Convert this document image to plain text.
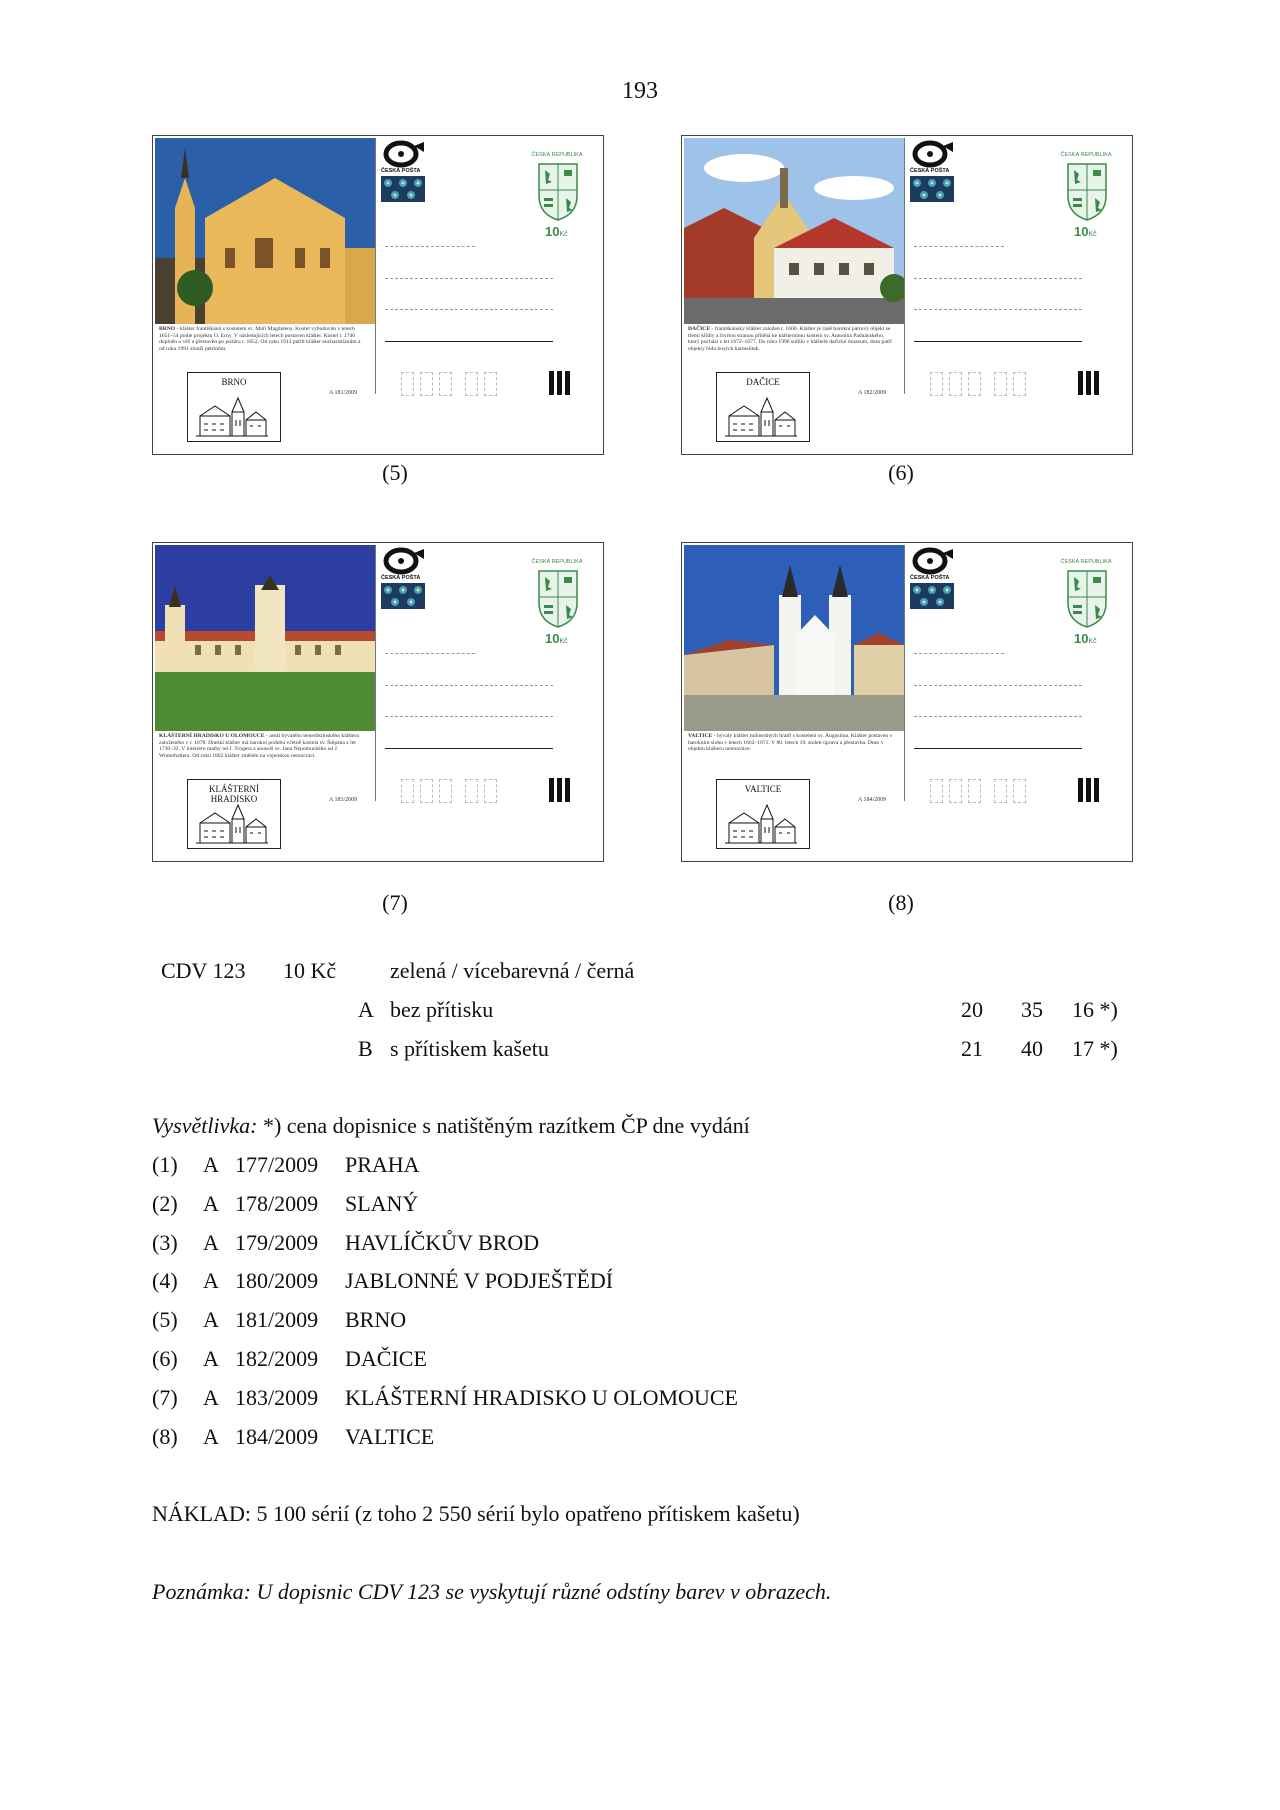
193
BRNO - klášter františkánů s kostelem sv. Maří Magdaleny. Kostel vybudován v letech 1651–54 podle projektu O. Erny. V následujících letech postaven klášter. Kostel r. 1746 doplněn o věž a přestavěn po požáru r. 1852. Od roku 1912 patřil klášter eucharistiánům a od roku 1991 slouží petrinům.
BRNO
A 181/2009
ČESKÁ POŠTA
ČESKÁ REPUBLIKA
10Kč
DAČICE - františkánský klášter založen r. 1660. Klášter je raně barokní patrový objekt se třemi křídly a čtvrtou stranou přiléhá ke klášternímu kostelu sv. Antonína Paduánského, který pochází z let 1672–1677. Do roku 1996 sídlilo v klášteře dačické muzeum, dnes patří objekty řádu bosých karmelitek.
DAČICE
A 182/2009
ČESKÁ POŠTA
ČESKÁ REPUBLIKA
10Kč
KLÁŠTERNÍ HRADISKO U OLOMOUCE - areál bývalého benediktinského kláštera založeného v r. 1078. Dnešní klášter má barokní podobu včetně kostela sv. Štěpána z let 1730–32. V interiéru malby od J. Trogera a sousoší sv. Jana Nepomuckého od J. Winterhaltera. Od roku 1802 klášter změněn na vojenskou nemocnici.
KLÁŠTERNÍ HRADISKO	A 183/2009
ČESKÁ POŠTA
ČESKÁ REPUBLIKA
10Kč
VALTICE - bývalý klášter milosrdných bratří s kostelem sv. Augustina. Klášter postaven v barokním slohu v letech 1662–1671. V 80. letech 19. století úprava a přestavba. Dnes v objektu klášteru nemocnice.
VALTICE
A 184/2009
ČESKÁ POŠTA
ČESKÁ REPUBLIKA
10Kč
(5)	(6)
(7)	(8)
CDV 123 10 Kč zelená / vícebarevná / černá
A bez přítisku	20 35 16 *)
B s přítiskem kašetu	21 40 17 *)
Vysvětlivka: *) cena dopisnice s natištěným razítkem ČP dne vydání
(1) A 177/2009 PRAHA
(2) A 178/2009 SLANÝ
(3) A 179/2009 HAVLÍČKŮV BROD
(4) A 180/2009 JABLONNÉ V PODJEŠTĚDÍ
(5) A 181/2009 BRNO
(6) A 182/2009 DAČICE
(7) A 183/2009 KLÁŠTERNÍ HRADISKO U OLOMOUCE
(8) A 184/2009 VALTICE
NÁKLAD: 5 100 sérií (z toho 2 550 sérií bylo opatřeno přítiskem kašetu)
Poznámka: U dopisnic CDV 123 se vyskytují různé odstíny barev v obrazech.
